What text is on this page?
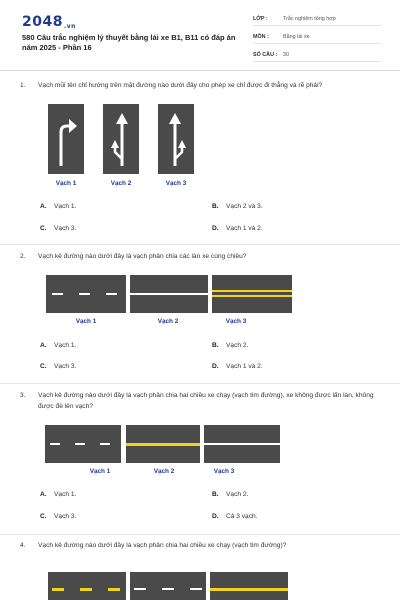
2048.vn
580 Câu trắc nghiệm lý thuyết bằng lái xe B1, B11 có đáp án năm 2025 - Phần 16
LỚP :	Trắc nghiệm tổng hợp
MÔN :	Bằng lái xe
SỐ CÂU :	30
1. Vạch mũi tên chỉ hướng trên mặt đường nào dưới đây cho phép xe chỉ được đi thẳng và rẽ phải?
Vạch 1	Vạch 2	Vạch 3
A. Vạch 1.	B. Vạch 2 và 3.
C. Vạch 3.	D. Vạch 1 và 2.
2. Vạch kẻ đường nào dưới đây là vạch phân chia các làn xe cùng chiều?
Vạch 1	Vạch 2	Vạch 3
A. Vạch 1.	B. Vạch 2.
C. Vạch 3.	D. Vạch 1 và 2.
3. Vạch kẻ đường nào dưới đây là vạch phân chia hai chiều xe chạy (vạch tim đường), xe không được lấn làn, không được đè lên vạch?
Vạch 1	Vạch 2	Vạch 3
A. Vạch 1.	B. Vạch 2.
C. Vạch 3.	D. Cả 3 vạch.
4. Vạch kẻ đường nào dưới đây là vạch phân chia hai chiều xe chạy (vạch tim đường)?
